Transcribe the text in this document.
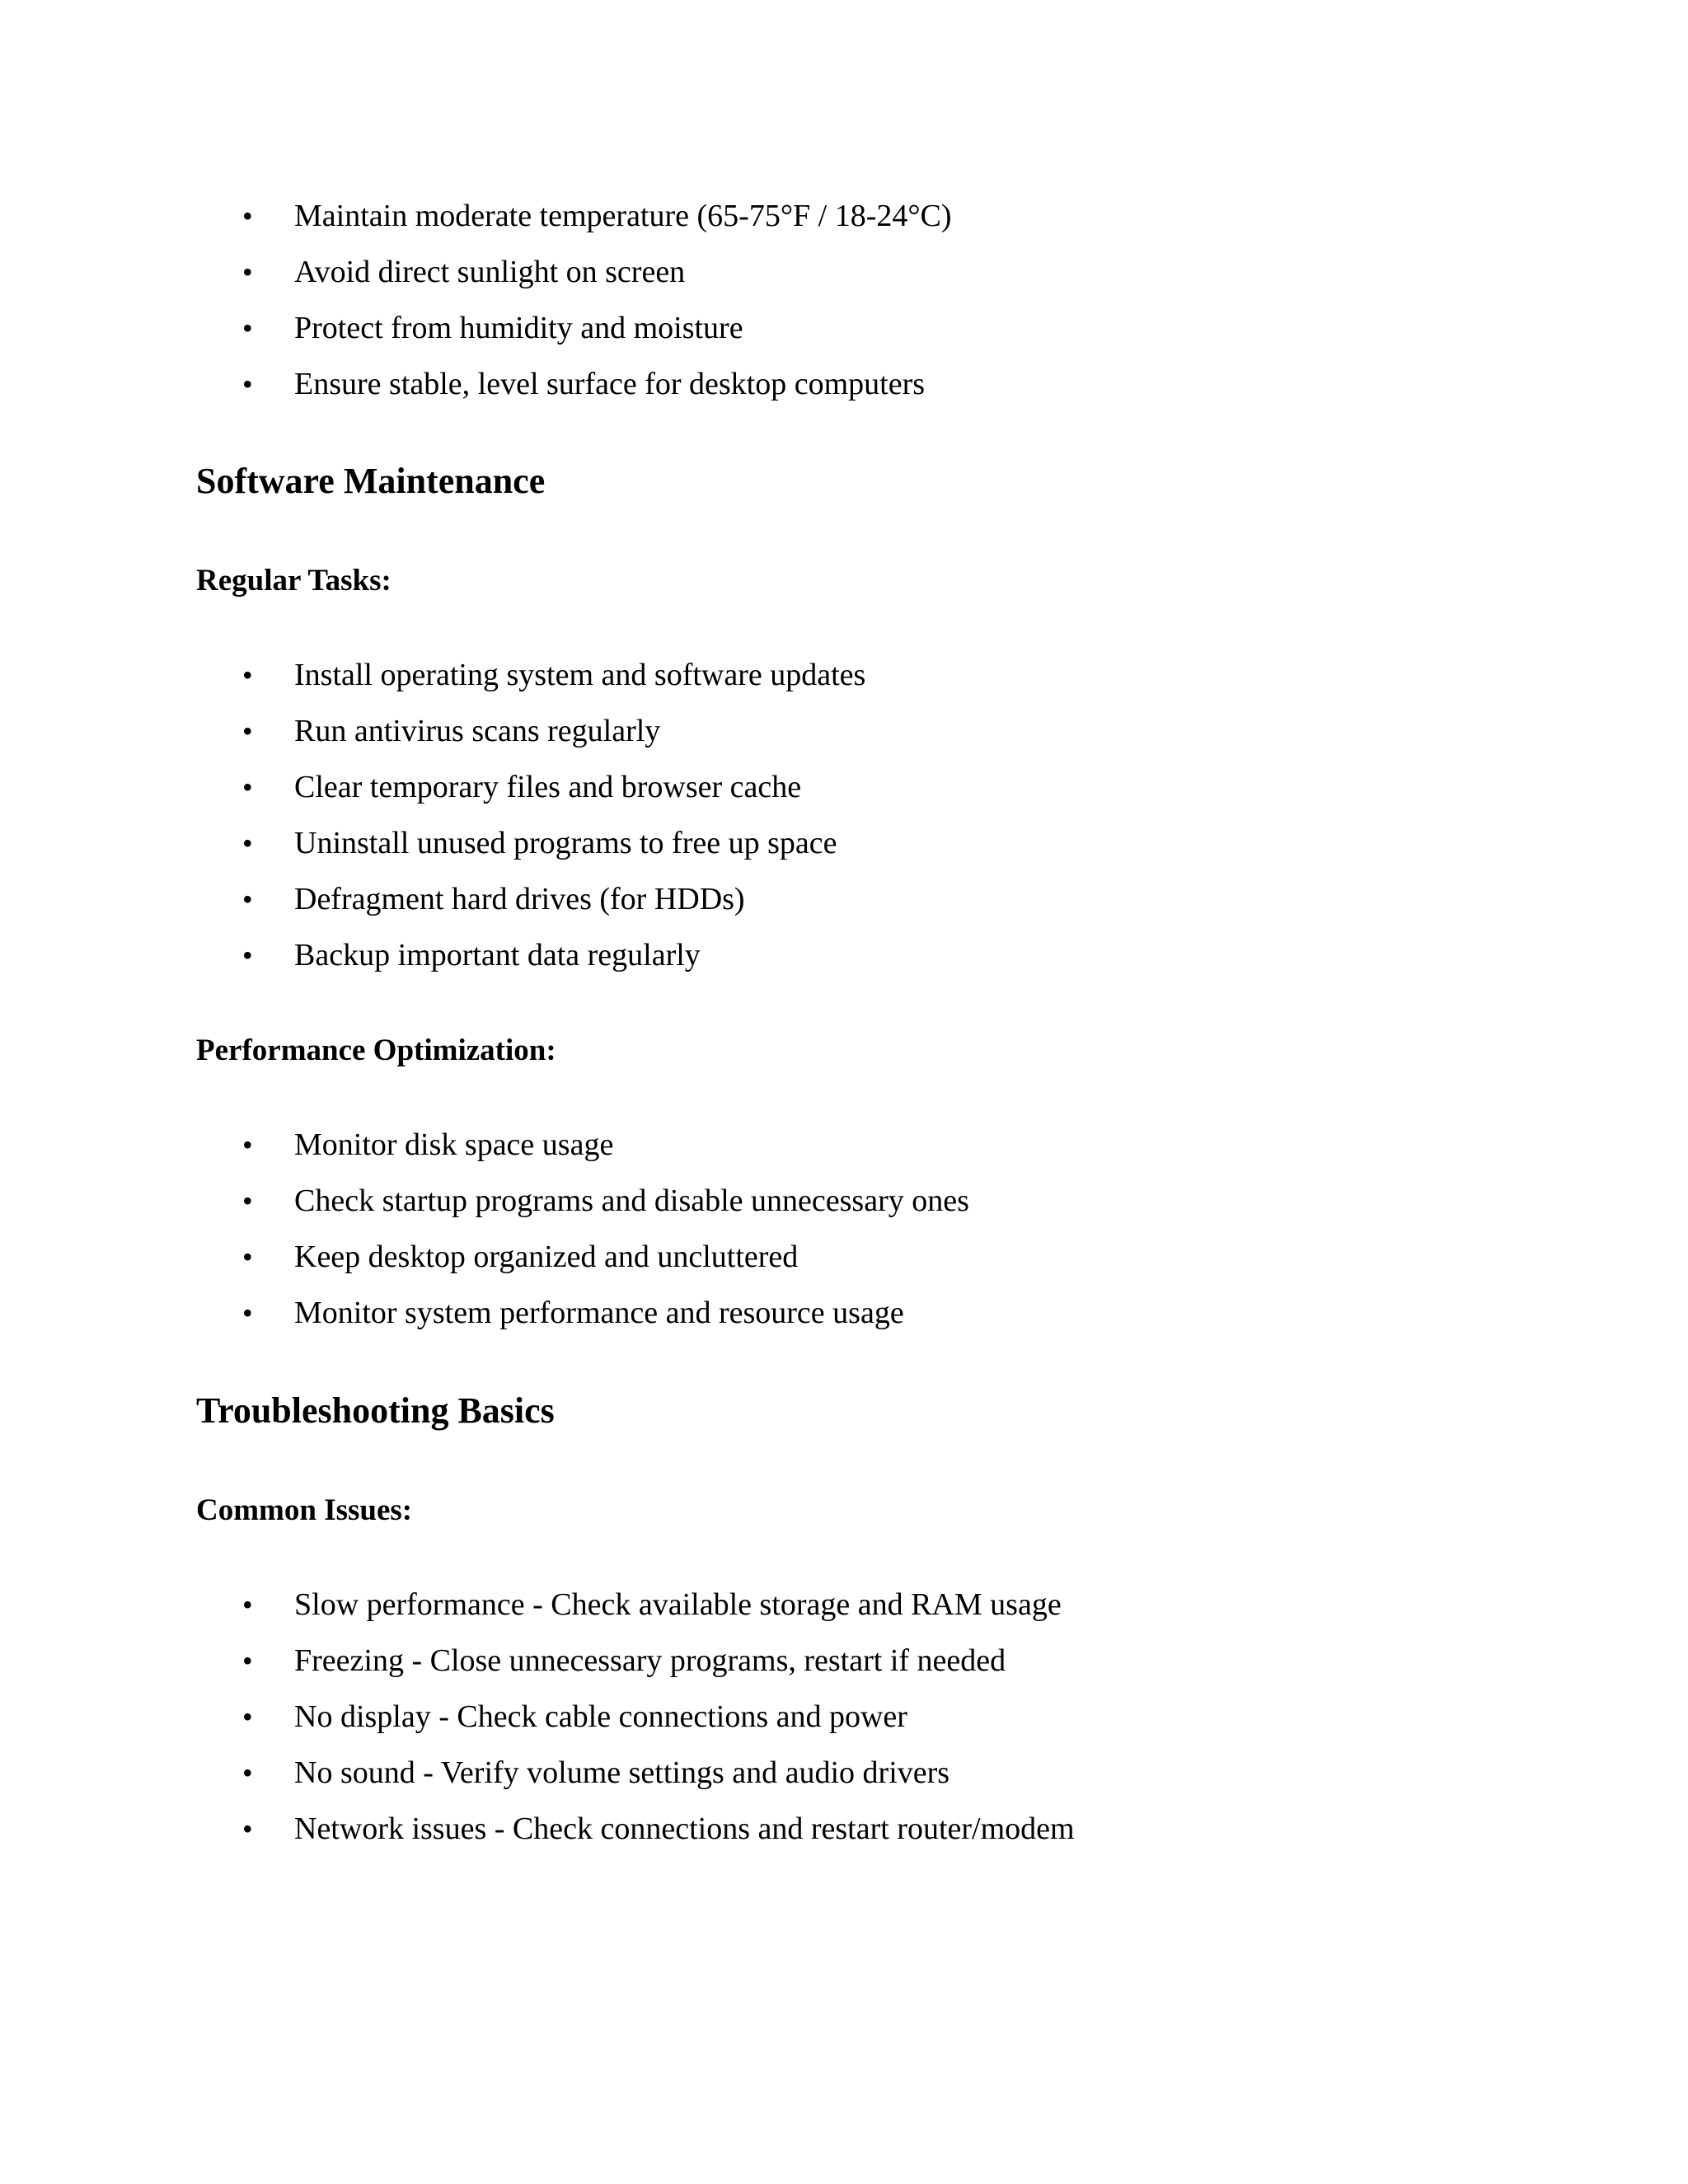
• Maintain moderate temperature (65-75°F / 18-24°C)
• Avoid direct sunlight on screen
• Protect from humidity and moisture
• Ensure stable, level surface for desktop computers
Software Maintenance
Regular Tasks:
• Install operating system and software updates
• Run antivirus scans regularly
• Clear temporary files and browser cache
• Uninstall unused programs to free up space
• Defragment hard drives (for HDDs)
• Backup important data regularly
Performance Optimization:
• Monitor disk space usage
• Check startup programs and disable unnecessary ones
• Keep desktop organized and uncluttered
• Monitor system performance and resource usage
Troubleshooting Basics
Common Issues:
• Slow performance - Check available storage and RAM usage
• Freezing - Close unnecessary programs, restart if needed
• No display - Check cable connections and power
• No sound - Verify volume settings and audio drivers
• Network issues - Check connections and restart router/modem
